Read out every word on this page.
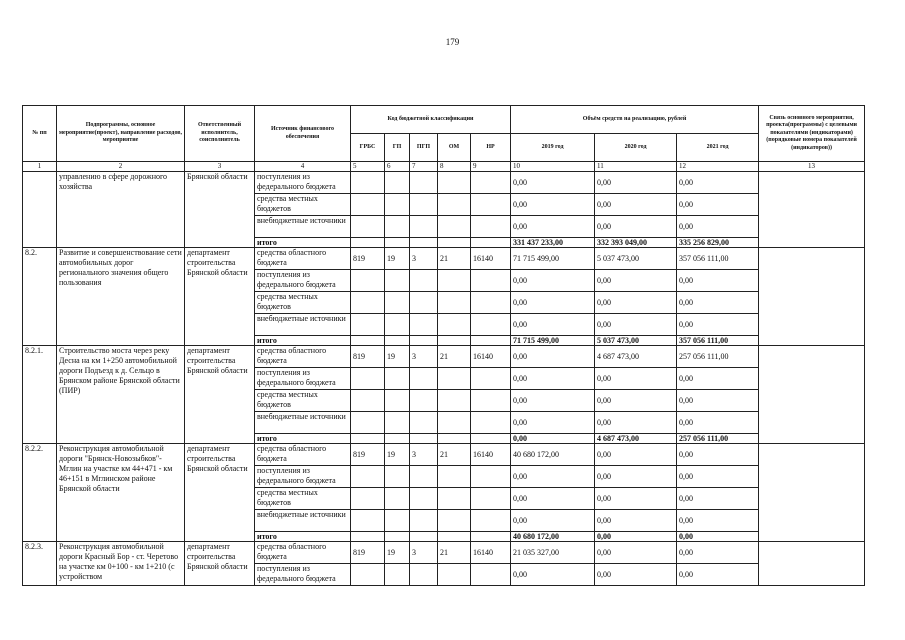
179
№ пп	Подпрограммы, основное мероприятие(проект), направление расходов, мероприятие	Ответственный исполнитель, соисполнитель	Источник финансового обеспечения	Код бюджетной классификации					Объём средств на реализацию, рублей			Связь основного мероприятия, проекта(программы) с целевыми показателями (индикаторами) (порядковые номера показателей (индикаторов))
				ГРБС	ГП	ПГП	ОМ	НР	2019 год	2020 год	2021 год	
1	2	3	4	5	6	7	8	9	10	11	12	13
	управлению в сфере дорожного хозяйства	Брянской области	поступления из федерального бюджета						0,00	0,00	0,00	
			средства местных бюджетов						0,00	0,00	0,00	
			внебюджетные источники						0,00	0,00	0,00	
			итого						331 437 233,00	332 393 049,00	335 256 829,00	
8.2.	Развитие и совершенствование сети автомобильных дорог регионального значения общего пользования	департамент строительства Брянской области	средства областного бюджета	819	19	3	21	16140	71 715 499,00	5 037 473,00	357 056 111,00	
			поступления из федерального бюджета						0,00	0,00	0,00	
			средства местных бюджетов						0,00	0,00	0,00	
			внебюджетные источники						0,00	0,00	0,00	
			итого						71 715 499,00	5 037 473,00	357 056 111,00	
8.2.1.	Строительство моста через реку Десна на км 1+250 автомобильной дороги Подъезд к д. Сельцо в Брянском районе Брянской области (ПИР)	департамент строительства Брянской области	средства областного бюджета	819	19	3	21	16140	0,00	4 687 473,00	257 056 111,00	
			поступления из федерального бюджета						0,00	0,00	0,00	
			средства местных бюджетов						0,00	0,00	0,00	
			внебюджетные источники						0,00	0,00	0,00	
			итого						0,00	4 687 473,00	257 056 111,00	
8.2.2.	Реконструкция автомобильной дороги "Брянск-Новозыбков"-Мглин на участке км 44+471 - км 46+151 в Мглинском районе Брянской области	департамент строительства Брянской области	средства областного бюджета	819	19	3	21	16140	40 680 172,00	0,00	0,00	
			поступления из федерального бюджета						0,00	0,00	0,00	
			средства местных бюджетов						0,00	0,00	0,00	
			внебюджетные источники						0,00	0,00	0,00	
			итого						40 680 172,00	0,00	0,00	
8.2.3.	Реконструкция автомобильной дороги Красный Бор - ст. Черетово на участке км 0+100 - км 1+210 (с устройством	департамент строительства Брянской области	средства областного бюджета	819	19	3	21	16140	21 035 327,00	0,00	0,00	
			поступления из федерального бюджета						0,00	0,00	0,00	
